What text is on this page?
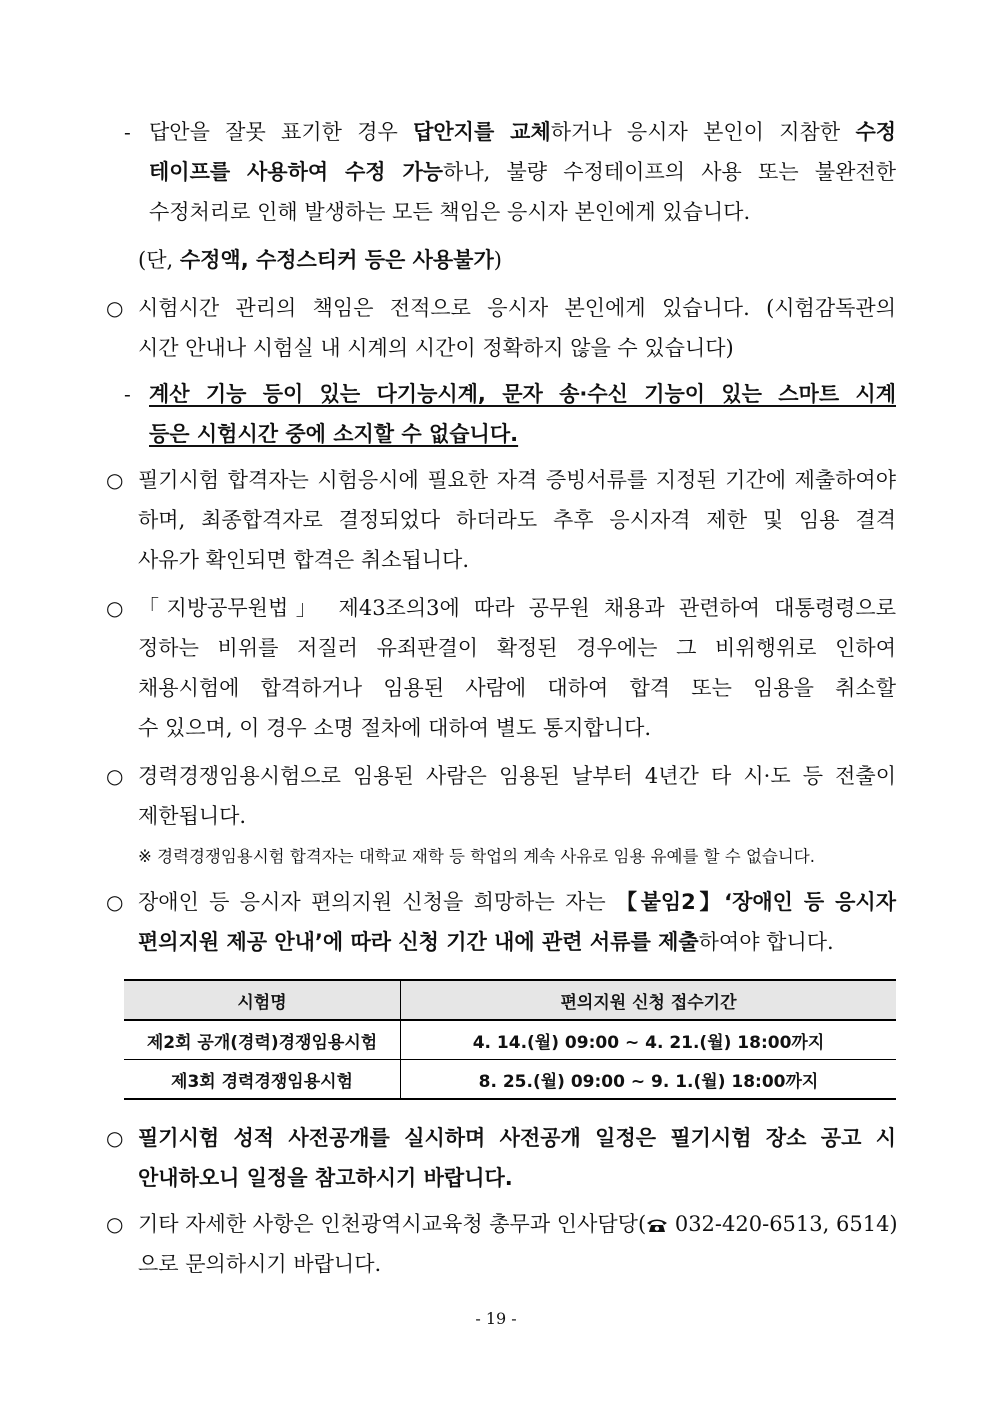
- 답안을 잘못 표기한 경우 답안지를 교체하거나 응시자 본인이 지참한 수정
테이프를 사용하여 수정 가능하나, 불량 수정테이프의 사용 또는 불완전한
수정처리로 인해 발생하는 모든 책임은 응시자 본인에게 있습니다.
(단, 수정액, 수정스티커 등은 사용불가)
○ 시험시간 관리의 책임은 전적으로 응시자 본인에게 있습니다. (시험감독관의
시간 안내나 시험실 내 시계의 시간이 정확하지 않을 수 있습니다)
- 계산 기능 등이 있는 다기능시계, 문자 송·수신 기능이 있는 스마트 시계
등은 시험시간 중에 소지할 수 없습니다.
○ 필기시험 합격자는 시험응시에 필요한 자격 증빙서류를 지정된 기간에 제출하여야
하며, 최종합격자로 결정되었다 하더라도 추후 응시자격 제한 및 임용 결격
사유가 확인되면 합격은 취소됩니다.
○ 「지방공무원법」 제43조의3에 따라 공무원 채용과 관련하여 대통령령으로
정하는 비위를 저질러 유죄판결이 확정된 경우에는 그 비위행위로 인하여
채용시험에 합격하거나 임용된 사람에 대하여 합격 또는 임용을 취소할
수 있으며, 이 경우 소명 절차에 대하여 별도 통지합니다.
○ 경력경쟁임용시험으로 임용된 사람은 임용된 날부터 4년간 타 시·도 등 전출이
제한됩니다.
※ 경력경쟁임용시험 합격자는 대학교 재학 등 학업의 계속 사유로 임용 유예를 할 수 없습니다.
○ 장애인 등 응시자 편의지원 신청을 희망하는 자는 【붙임2】‘장애인 등 응시자
편의지원 제공 안내’에 따라 신청 기간 내에 관련 서류를 제출하여야 합니다.
시험명	편의지원 신청 접수기간
제2회 공개(경력)경쟁임용시험	4. 14.(월) 09:00 ~ 4. 21.(월) 18:00까지
제3회 경력경쟁임용시험	8. 25.(월) 09:00 ~ 9. 1.(월) 18:00까지
○ 필기시험 성적 사전공개를 실시하며 사전공개 일정은 필기시험 장소 공고 시
안내하오니 일정을 참고하시기 바랍니다.
○ 기타 자세한 사항은 인천광역시교육청 총무과 인사담당( 032-420-6513, 6514)
으로 문의하시기 바랍니다.
- 19 -
